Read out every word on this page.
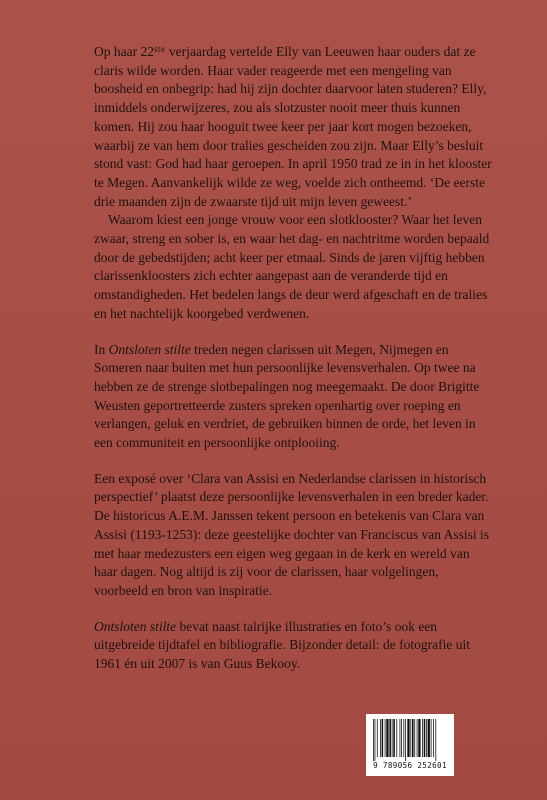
Op haar 22ste verjaardag vertelde Elly van Leeuwen haar ouders dat ze claris wilde worden. Haar vader reageerde met een mengeling van boosheid en onbegrip: had hij zijn dochter daarvoor laten studeren? Elly, inmiddels onderwijzeres, zou als slotzuster nooit meer thuis kunnen komen. Hij zou haar hooguit twee keer per jaar kort mogen bezoeken, waarbij ze van hem door tralies gescheiden zou zijn. Maar Elly’s besluit stond vast: God had haar geroepen. In april 1950 trad ze in in het klooster te Megen. Aanvankelijk wilde ze weg, voelde zich ontheemd. ‘De eerste drie maanden zijn de zwaarste tijd uit mijn leven geweest.’

Waarom kiest een jonge vrouw voor een slotklooster? Waar het leven zwaar, streng en sober is, en waar het dag- en nachtritme worden bepaald door de gebedstijden; acht keer per etmaal. Sinds de jaren vijftig hebben clarissenkloosters zich echter aangepast aan de veranderde tijd en omstandigheden. Het bedelen langs de deur werd afgeschaft en de tralies en het nachtelijk koorgebed verdwenen.

In Ontsloten stilte treden negen clarissen uit Megen, Nijmegen en Someren naar buiten met hun persoonlijke levensverhalen. Op twee na hebben ze de strenge slotbepalingen nog meegemaakt. De door Brigitte Weusten geportretteerde zusters spreken openhartig over roeping en verlangen, geluk en verdriet, de gebruiken binnen de orde, het leven in een communiteit en persoonlijke ontplooiing.

Een exposé over ‘Clara van Assisi en Nederlandse clarissen in historisch perspectief’ plaatst deze persoonlijke levensverhalen in een breder kader. De historicus A.E.M. Janssen tekent persoon en betekenis van Clara van Assisi (1193-1253): deze geestelijke dochter van Franciscus van Assisi is met haar medezusters een eigen weg gegaan in de kerk en wereld van haar dagen. Nog altijd is zij voor de clarissen, haar volgelingen, voorbeeld en bron van inspiratie.

Ontsloten stilte bevat naast talrijke illustraties en foto’s ook een uitgebreide tijdtafel en bibliografie. Bijzonder detail: de fotografie uit 1961 én uit 2007 is van Guus Bekooy.

9 789056 252601
